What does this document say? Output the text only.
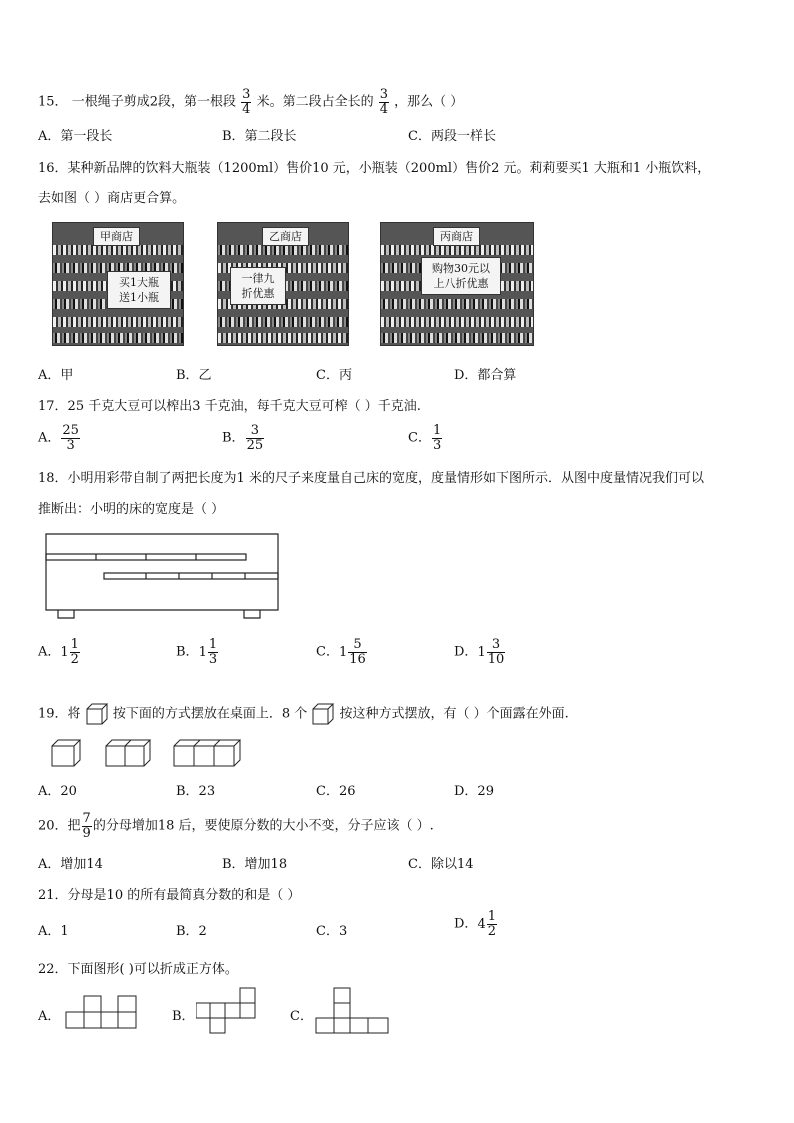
15． 一根绳子剪成2段，第一根段 $\frac{3}{4}$ 米。第二段占全长的 $\frac{3}{4}$ ，那么（ ）
A．第一段长	B．第二段长	C．两段一样长
16．某种新品牌的饮料大瓶装（1200ml）售价10 元，小瓶装（200ml）售价2 元。莉莉要买1 大瓶和1 小瓶饮料，
去如图（ ）商店更合算。
甲商店
买1大瓶
送1小瓶
乙商店
一律九
折优惠
丙商店
购物30元以
上八折优惠
A．甲	B．乙	C．丙	D．都合算
17．25 千克大豆可以榨出3 千克油，每千克大豆可榨（ ）千克油.
A． $\frac{25}{3}$	B． $\frac{3}{25}$	C． $\frac{1}{3}$
18．小明用彩带自制了两把长度为1 米的尺子来度量自己床的宽度，度量情形如下图所示．从图中度量情况我们可以
推断出：小明的床的宽度是（ ）
A．$1 \frac{1}{2}$	B．$1 \frac{1}{3}$	C．$1 \frac{5}{16}$	D．$1 \frac{3}{10}$
19．将 按下面的方式摆放在桌面上．8 个 按这种方式摆放，有（ ）个面露在外面.
A．20	B．23	C．26	D．29
20．把 $\frac{7}{9}$ 的分母增加18 后，要使原分数的大小不变，分子应该（ ）.
A．增加14	B．增加18	C．除以14
21．分母是10 的所有最简真分数的和是（ ）
A．1	B．2	C．3	D．$4 \frac{1}{2}$
22．下面图形( )可以折成正方体。
A．	B．	C．
